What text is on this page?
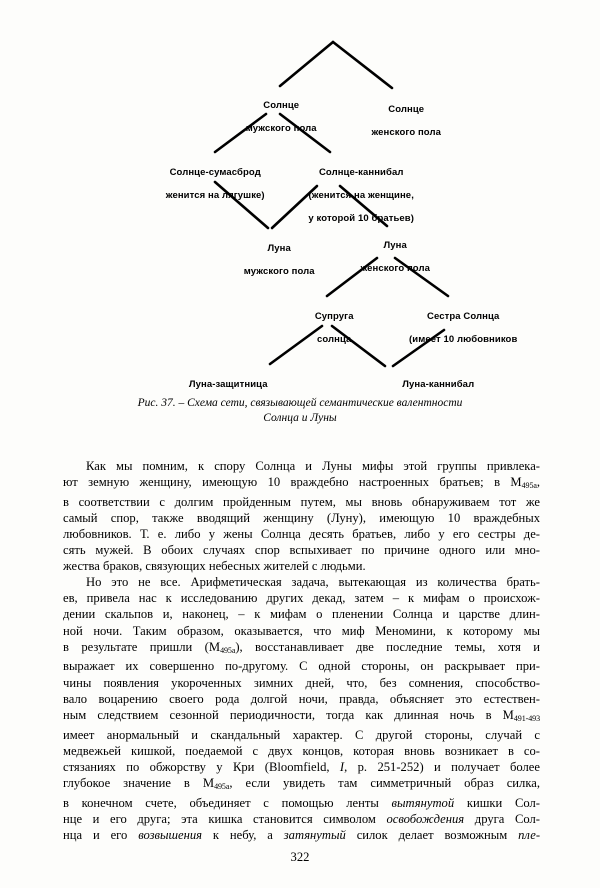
Солнце

мужского пола

Солнце

женского пола

Солнце-сумасброд

женится на лягушке)

Солнце-каннибал

(женится на женщине,

у которой 10 братьев)

Луна

мужского пола

Луна

женского пола

Супруга

солнца

Сестра Солнца

(имеет 10 любовников

Луна-защитница
	Луна-каннибал

Рис. 37. – Схема сети, связывающей семантические валентности
Солнца и Луны
Как мы помним, к спору Солнца и Луны мифы этой группы привлека-
ют земную женщину, имеющую 10 враждебно настроенных братьев; в $М_{495a}$,
в соответствии с долгим пройденным путем, мы вновь обнаруживаем тот же
самый спор, также вводящий женщину (Луну), имеющую 10 враждебных
любовников. Т. е. либо у жены Солнца десять братьев, либо у его сестры де-
сять мужей. В обоих случаях спор вспыхивает по причине одного или мно-
жества браков, связующих небесных жителей с людьми.
Но это не все. Арифметическая задача, вытекающая из количества брать-
ев, привела нас к исследованию других декад, затем – к мифам о происхож-
дении скальпов и, наконец, – к мифам о пленении Солнца и царстве длин-
ной ночи. Таким образом, оказывается, что миф Меномини, к которому мы
в результате пришли $(М_{495a})$, восстанавливает две последние темы, хотя и
выражает их совершенно по-другому. С одной стороны, он раскрывает при-
чины появления укороченных зимних дней, что, без сомнения, способство-
вало воцарению своего рода долгой ночи, правда, объясняет это естествен-
ным следствием сезонной периодичности, тогда как длинная ночь в $М_{491-493}$
имеет анормальный и скандальный характер. С другой стороны, случай с
медвежьей кишкой, поедаемой с двух концов, которая вновь возникает в со-
стязаниях по обжорству у Кри (Bloomfield, I, p. 251-252) и получает более
глубокое значение в $М_{495a}$, если увидеть там симметричный образ силка,
в конечном счете, объединяет с помощью ленты вытянутой кишки Сол-
нце и его друга; эта кишка становится символом освобождения друга Сол-
нца и его возвышения к небу, а затянутый силок делает возможным пле-
322
